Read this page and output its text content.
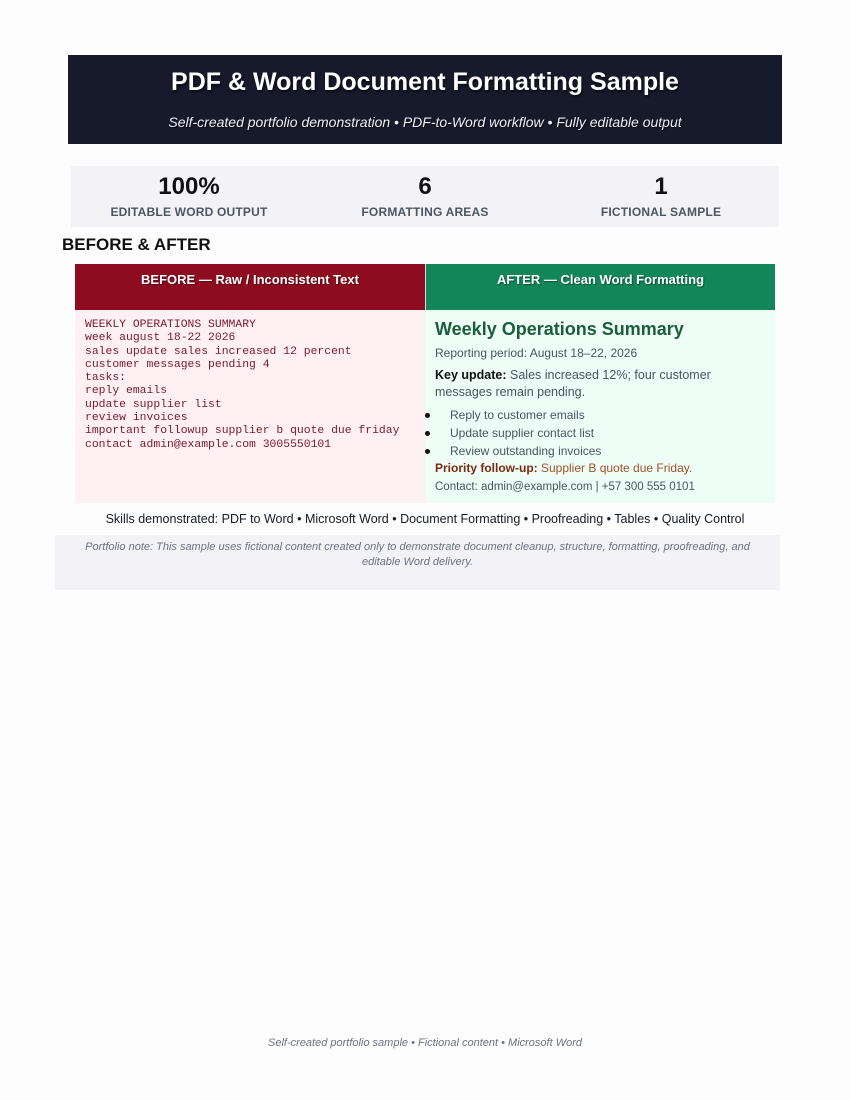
PDF & Word Document Formatting Sample
Self-created portfolio demonstration • PDF-to-Word workflow • Fully editable output
100%
EDITABLE WORD OUTPUT
6
FORMATTING AREAS
1
FICTIONAL SAMPLE
BEFORE & AFTER
BEFORE — Raw / Inconsistent Text	AFTER — Clean Word Formatting
WEEKLY OPERATIONS SUMMARY
week august 18-22 2026
sales update sales increased 12 percent
customer messages pending 4
tasks:
reply emails
update supplier list
review invoices
important followup supplier b quote due friday
contact admin@example.com 3005550101
Weekly Operations Summary
Reporting period: August 18–22, 2026
Key update: Sales increased 12%; four customer messages remain pending.
Reply to customer emails
Update supplier contact list
Review outstanding invoices
Priority follow-up: Supplier B quote due Friday.
Contact: admin@example.com | +57 300 555 0101
Skills demonstrated: PDF to Word • Microsoft Word • Document Formatting • Proofreading • Tables • Quality Control
Portfolio note: This sample uses fictional content created only to demonstrate document cleanup, structure, formatting, proofreading, and editable Word delivery.
Self-created portfolio sample • Fictional content • Microsoft Word
